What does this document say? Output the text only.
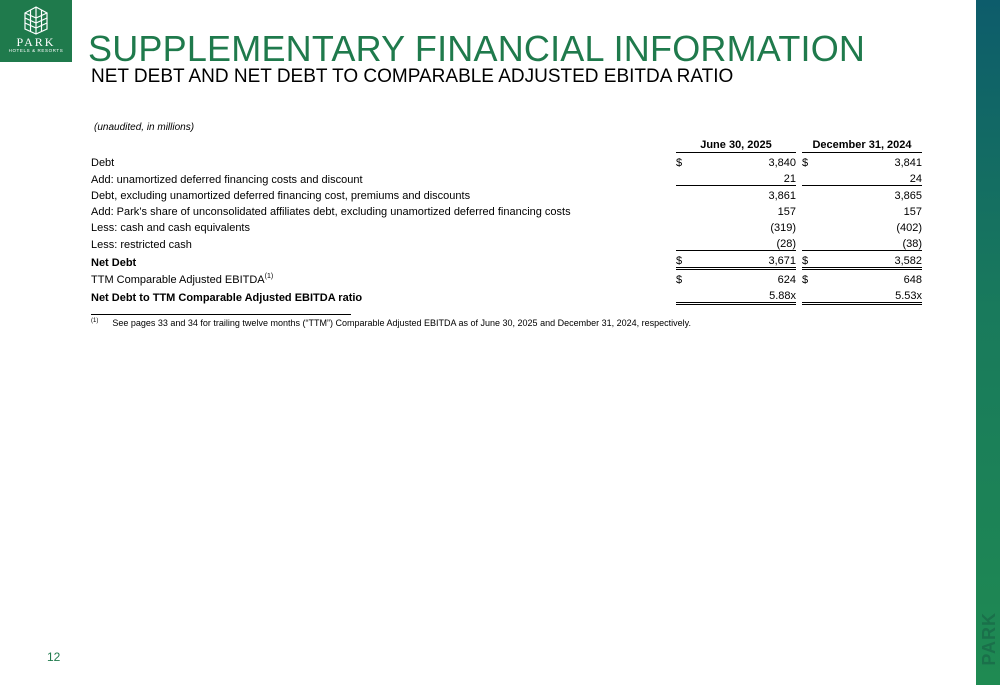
PARK
HOTELS & RESORTS SUPPLEMENTARY FINANCIAL INFORMATION
NET DEBT AND NET DEBT TO COMPARABLE ADJUSTED EBITDA RATIO
PARK
(unaudited, in millions)
	June 30, 2025			December 31, 2024	
Debt	$	3,840		$	3,841
Add: unamortized deferred financing costs and discount		21			24
Debt, excluding unamortized deferred financing cost, premiums and discounts		3,861			3,865
Add: Park’s share of unconsolidated affiliates debt, excluding unamortized deferred financing costs		157			157
Less: cash and cash equivalents		(319)			(402)
Less: restricted cash		(28)			(38)
Net Debt	$	3,671		$	3,582
TTM Comparable Adjusted EBITDA$^{(1)}$	$	624		$	648
Net Debt to TTM Comparable Adjusted EBITDA ratio		5.88x			5.53x
$^{(1)}$ See pages 33 and 34 for trailing twelve months (“TTM”) Comparable Adjusted EBITDA as of June 30, 2025 and December 31, 2024, respectively.
12
